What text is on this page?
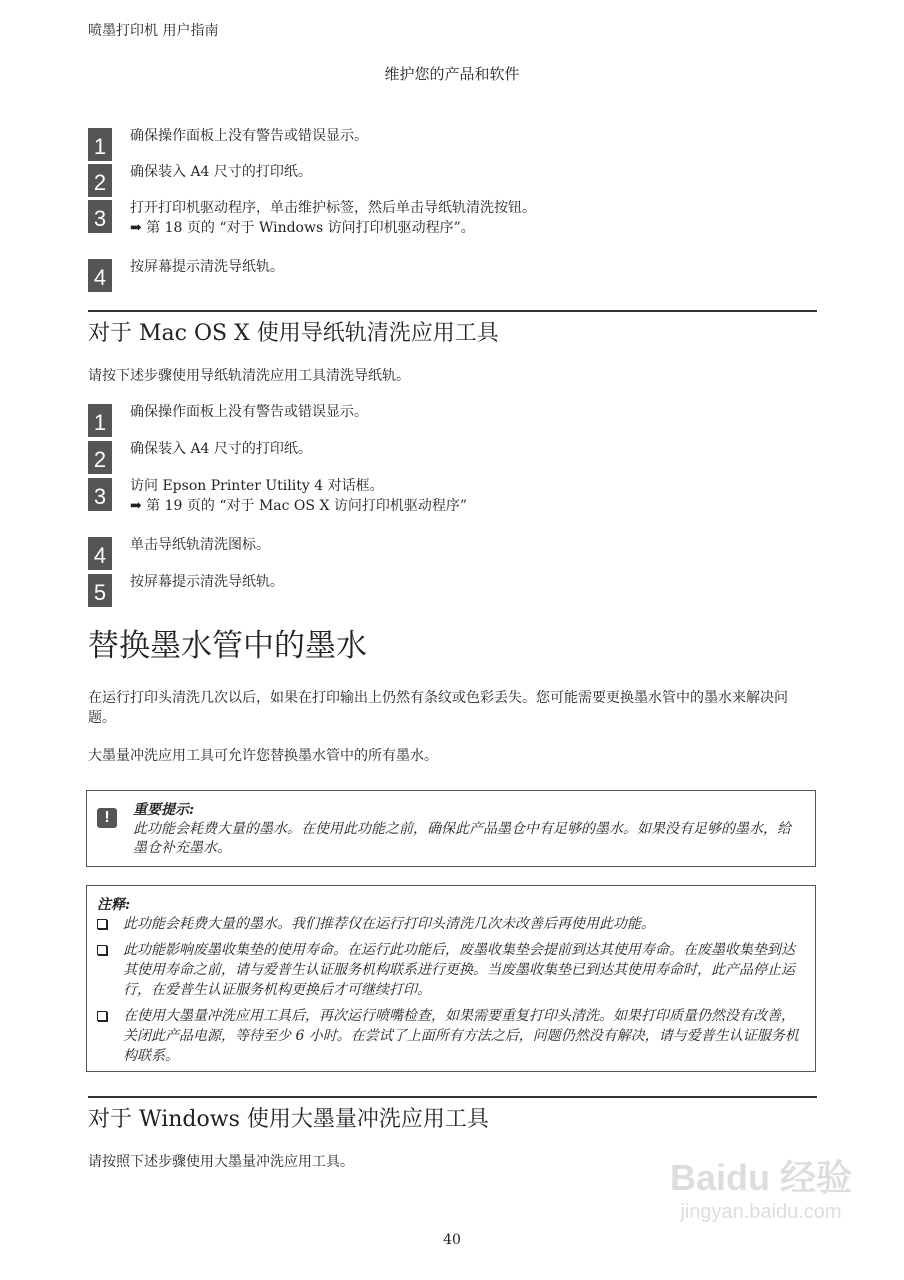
喷墨打印机 用户指南
维护您的产品和软件
1	确保操作面板上没有警告或错误显示。
2	确保装入 A4 尺寸的打印纸。
3	打开打印机驱动程序，单击维护标签，然后单击导纸轨清洗按钮。
➡ 第 18 页的 “对于 Windows 访问打印机驱动程序”。
4	按屏幕提示清洗导纸轨。
对于 Mac OS X 使用导纸轨清洗应用工具
请按下述步骤使用导纸轨清洗应用工具清洗导纸轨。
1	确保操作面板上没有警告或错误显示。
2	确保装入 A4 尺寸的打印纸。
3	访问 Epson Printer Utility 4 对话框。
➡ 第 19 页的 “对于 Mac OS X 访问打印机驱动程序”
4	单击导纸轨清洗图标。
5	按屏幕提示清洗导纸轨。
替换墨水管中的墨水
在运行打印头清洗几次以后，如果在打印输出上仍然有条纹或色彩丢失。您可能需要更换墨水管中的墨水来解决问题。
大墨量冲洗应用工具可允许您替换墨水管中的所有墨水。
!	重要提示:
此功能会耗费大量的墨水。在使用此功能之前，确保此产品墨仓中有足够的墨水。如果没有足够的墨水，给墨仓补充墨水。
注释:
此功能会耗费大量的墨水。我们推荐仅在运行打印头清洗几次未改善后再使用此功能。
此功能影响废墨收集垫的使用寿命。在运行此功能后，废墨收集垫会提前到达其使用寿命。在废墨收集垫到达其使用寿命之前，请与爱普生认证服务机构联系进行更换。当废墨收集垫已到达其使用寿命时，此产品停止运行，在爱普生认证服务机构更换后才可继续打印。
在使用大墨量冲洗应用工具后，再次运行喷嘴检查，如果需要重复打印头清洗。如果打印质量仍然没有改善，关闭此产品电源，等待至少 6 小时。在尝试了上面所有方法之后，问题仍然没有解决，请与爱普生认证服务机构联系。
对于 Windows 使用大墨量冲洗应用工具
请按照下述步骤使用大墨量冲洗应用工具。	Baidu 经验
jingyan.baidu.com
40
